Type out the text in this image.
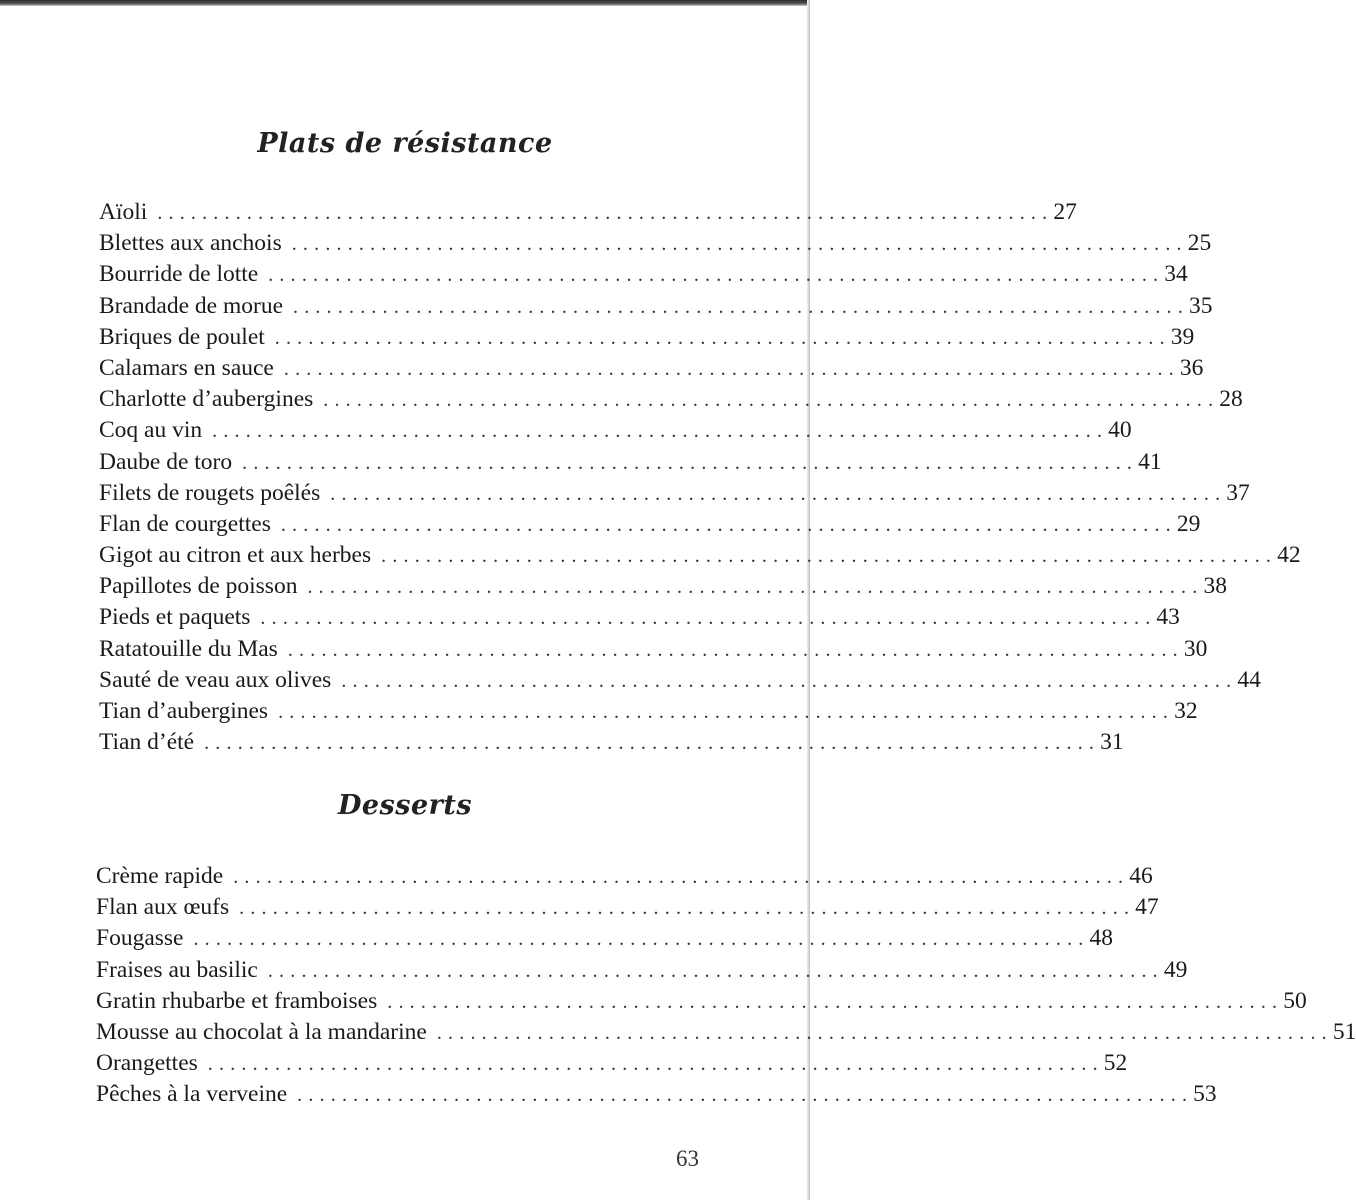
Plats de résistance
Aïoli ................................................................................ 27
Blettes aux anchois ................................................................................ 25
Bourride de lotte ................................................................................ 34
Brandade de morue ................................................................................ 35
Briques de poulet ................................................................................ 39
Calamars en sauce ................................................................................ 36
Charlotte d’aubergines ................................................................................ 28
Coq au vin ................................................................................ 40
Daube de toro ................................................................................ 41
Filets de rougets poêlés ................................................................................ 37
Flan de courgettes ................................................................................ 29
Gigot au citron et aux herbes ................................................................................ 42
Papillotes de poisson ................................................................................ 38
Pieds et paquets ................................................................................ 43
Ratatouille du Mas ................................................................................ 30
Sauté de veau aux olives ................................................................................ 44
Tian d’aubergines ................................................................................ 32
Tian d’été ................................................................................ 31
Desserts
Crème rapide ................................................................................ 46
Flan aux œufs ................................................................................ 47
Fougasse ................................................................................ 48
Fraises au basilic ................................................................................ 49
Gratin rhubarbe et framboises ................................................................................ 50
Mousse au chocolat à la mandarine ................................................................................ 51
Orangettes ................................................................................ 52
Pêches à la verveine ................................................................................ 53
63
